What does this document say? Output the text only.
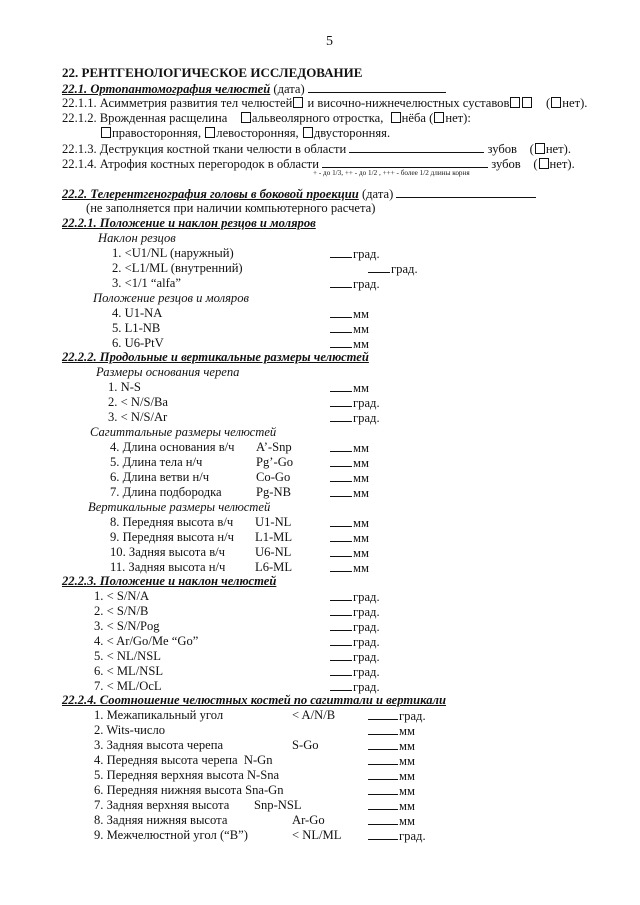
5
22. РЕНТГЕНОЛОГИЧЕСКОЕ ИССЛЕДОВАНИЕ
22.1. Ортопантомография челюстей (дата)
22.1.1. Асимметрия развития тел челюстей и височно-нижнечелюстных суставов    ( нет).
22.1.2. Врожденная расщелина альвеолярного отростка, нёба ( нет):
правосторонняя, левосторонняя, двусторонняя.
22.1.3. Деструкция костной ткани челюсти в области	зубов    ( нет).
22.1.4. Атрофия костных перегородок в области	зубов    ( нет).
+ - до 1/3, ++ - до 1/2 , +++ - более 1/2 длины корня
22.2. Телерентгенография головы в боковой проекции (дата)
(не заполняется при наличии компьютерного расчета)
22.2.1. Положение и наклон резцов и моляров
Наклон резцов
1. <U1/NL (наружный)	град.
2. <L1/ML (внутренний)	град.
3. <1/1 “alfa”	град.
Положение резцов и моляров
4. U1-NA	мм
5. L1-NB	мм
6. U6-PtV	мм
22.2.2. Продольные и вертикальные размеры челюстей
Размеры основания черепа
1. N-S	мм
2. < N/S/Ba	град.
3. < N/S/Ar	град.
Сагиттальные размеры челюстей
4. Длина основания в/ч A’-Snp	мм
5. Длина тела н/ч	Pg’-Go	мм
6. Длина ветви н/ч	Co-Go	мм
7. Длина подбородка	Pg-NB	мм
Вертикальные размеры челюстей
8. Передняя высота в/ч U1-NL	мм
9. Передняя высота н/ч L1-ML	мм
10. Задняя высота в/ч U6-NL	мм
11. Задняя высота н/ч L6-ML	мм
22.2.3. Положение и наклон челюстей
1. < S/N/A	град.
2. < S/N/B	град.
3. < S/N/Pog	град.
4. < Ar/Go/Me “Go”	град.
5. < NL/NSL	град.
6. < ML/NSL	град.
7. < ML/OcL	град.
22.2.4. Соотношение челюстных костей по сагиттали и вертикали
1. Межапикальный угол	< A/N/B	град.
2. Wits-число	мм
3. Задняя высота черепа	S-Go	мм
4. Передняя высота черепа N-Gn	мм
5. Передняя верхняя высота N-Sna	мм
6. Передняя нижняя высота Sna-Gn	мм
7. Задняя верхняя высота Snp-NSL	мм
8. Задняя нижняя высота	Ar-Go	мм
9. Межчелюстной угол (“B”)	< NL/ML	град.
